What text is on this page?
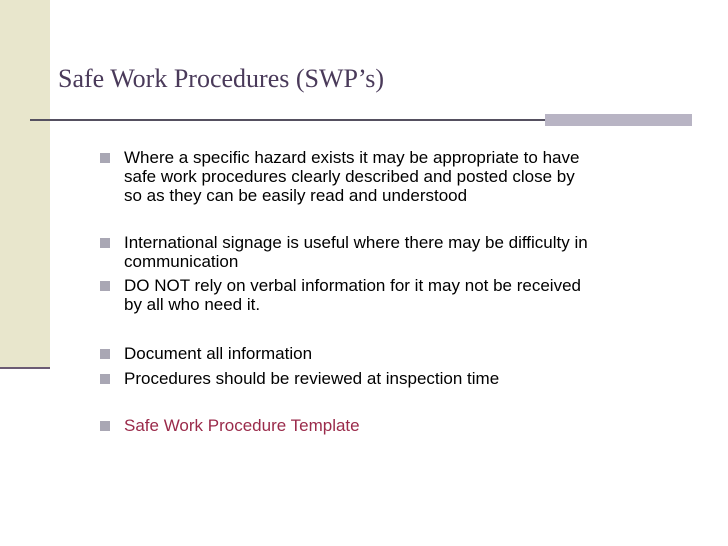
Safe Work Procedures (SWP’s)
Where a specific hazard exists it may be appropriate to have
safe work procedures clearly described and posted close by
so as they can be easily read and understood
International signage is useful where there may be difficulty in
communication
DO NOT rely on verbal information for it may not be received
by all who need it.
Document all information
Procedures should be reviewed at inspection time
Safe Work Procedure Template
